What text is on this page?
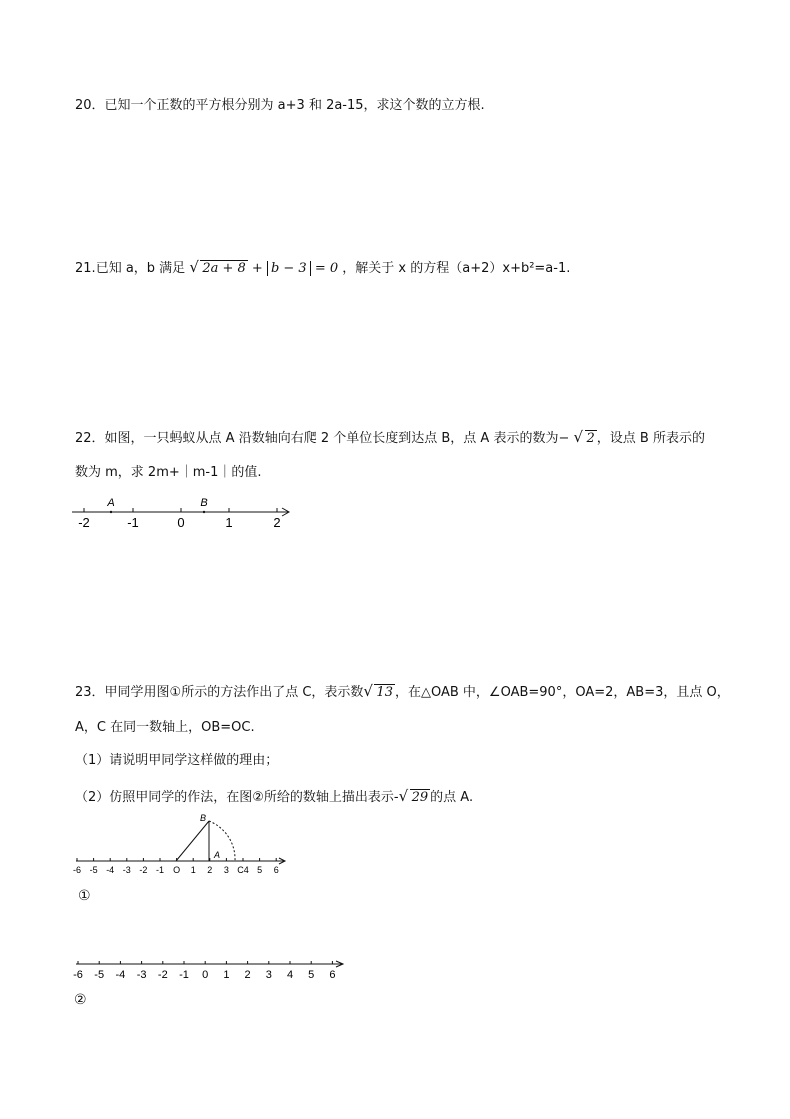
20．已知一个正数的平方根分别为 a+3 和 2a-15，求这个数的立方根.
21.已知 a，b 满足 √ 2a + 8 + b − 3 = 0 ，解关于 x 的方程（a+2）x+b²=a-1.
22．如图，一只蚂蚁从点 A 沿数轴向右爬 2 个单位长度到达点 B，点 A 表示的数为− √ 2 ，设点 B 所表示的
数为 m，求 2m+｜m-1｜的值.
-2	-1	0	1	2
A	B
23．甲同学用图①所示的方法作出了点 C，表示数 √ 13 ，在△OAB 中，∠OAB=90°，OA=2，AB=3，且点 O，
A，C 在同一数轴上，OB=OC.
（1）请说明甲同学这样做的理由；
（2）仿照甲同学的作法，在图②所给的数轴上描出表示- √ 29 的点 A.
-6 -5 -4 -3 -2 -1 O 1 2 3 C4 5 6
B
A
①
-6 -5 -4 -3 -2 -1 0 1 2 3 4 5 6
②
